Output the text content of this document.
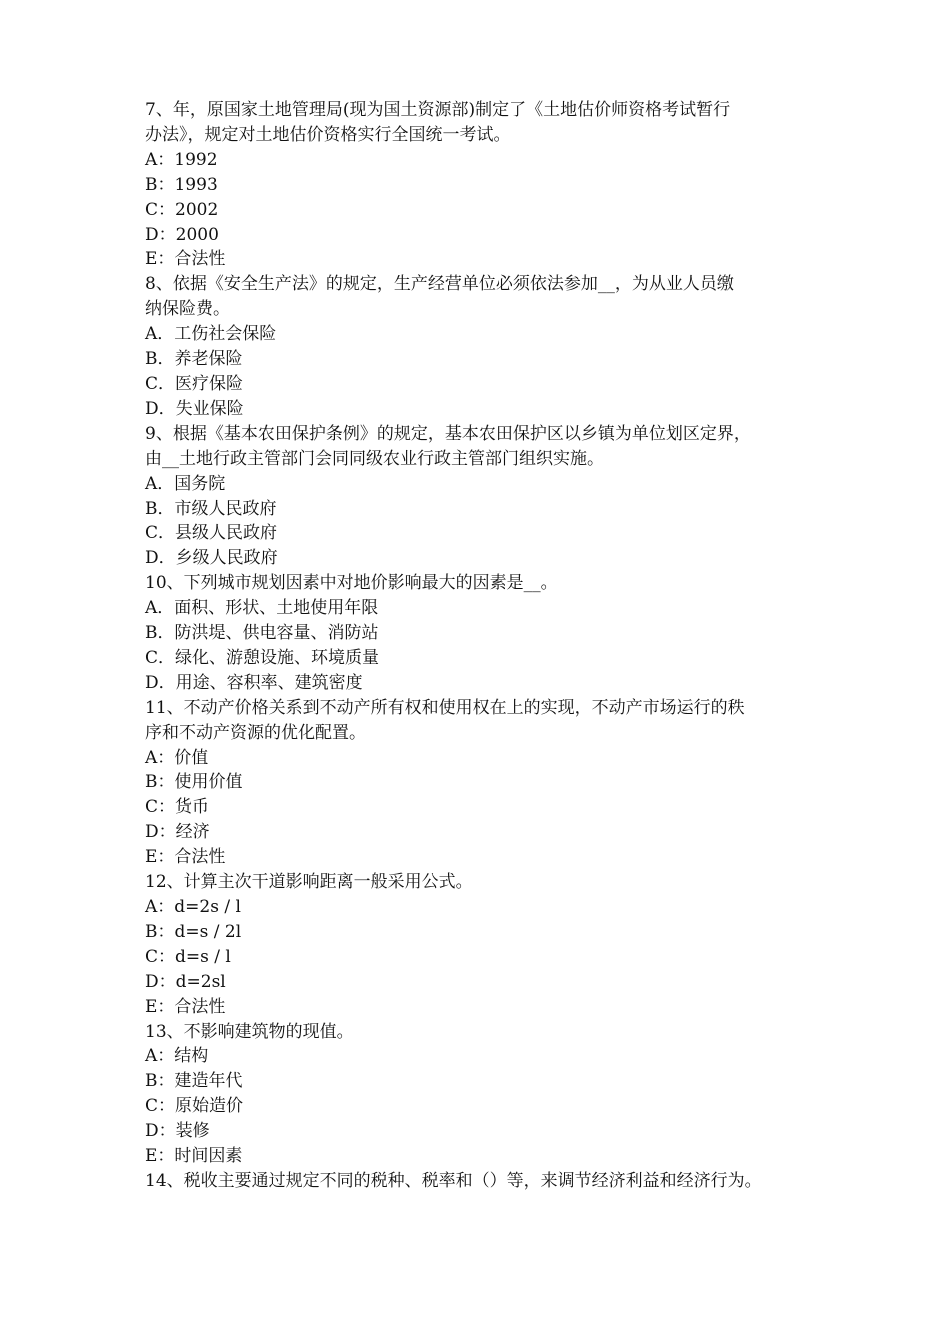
7、年，原国家土地管理局(现为国土资源部)制定了《土地估价师资格考试暂行
办法》，规定对土地估价资格实行全国统一考试。
A：1992
B：1993
C：2002
D：2000
E：合法性
8、依据《安全生产法》的规定，生产经营单位必须依法参加__，为从业人员缴
纳保险费。
A．工伤社会保险
B．养老保险
C．医疗保险
D．失业保险
9、根据《基本农田保护条例》的规定，基本农田保护区以乡镇为单位划区定界，
由__土地行政主管部门会同同级农业行政主管部门组织实施。
A．国务院
B．市级人民政府
C．县级人民政府
D．乡级人民政府
10、下列城市规划因素中对地价影响最大的因素是__。
A．面积、形状、土地使用年限
B．防洪堤、供电容量、消防站
C．绿化、游憩设施、环境质量
D．用途、容积率、建筑密度
11、不动产价格关系到不动产所有权和使用权在上的实现，不动产市场运行的秩
序和不动产资源的优化配置。
A：价值
B：使用价值
C：货币
D：经济
E：合法性
12、计算主次干道影响距离一般采用公式。
A：d=2s / l
B：d=s / 2l
C：d=s / l
D：d=2sl
E：合法性
13、不影响建筑物的现值。
A：结构
B：建造年代
C：原始造价
D：装修
E：时间因素
14、税收主要通过规定不同的税种、税率和（）等，来调节经济利益和经济行为。
